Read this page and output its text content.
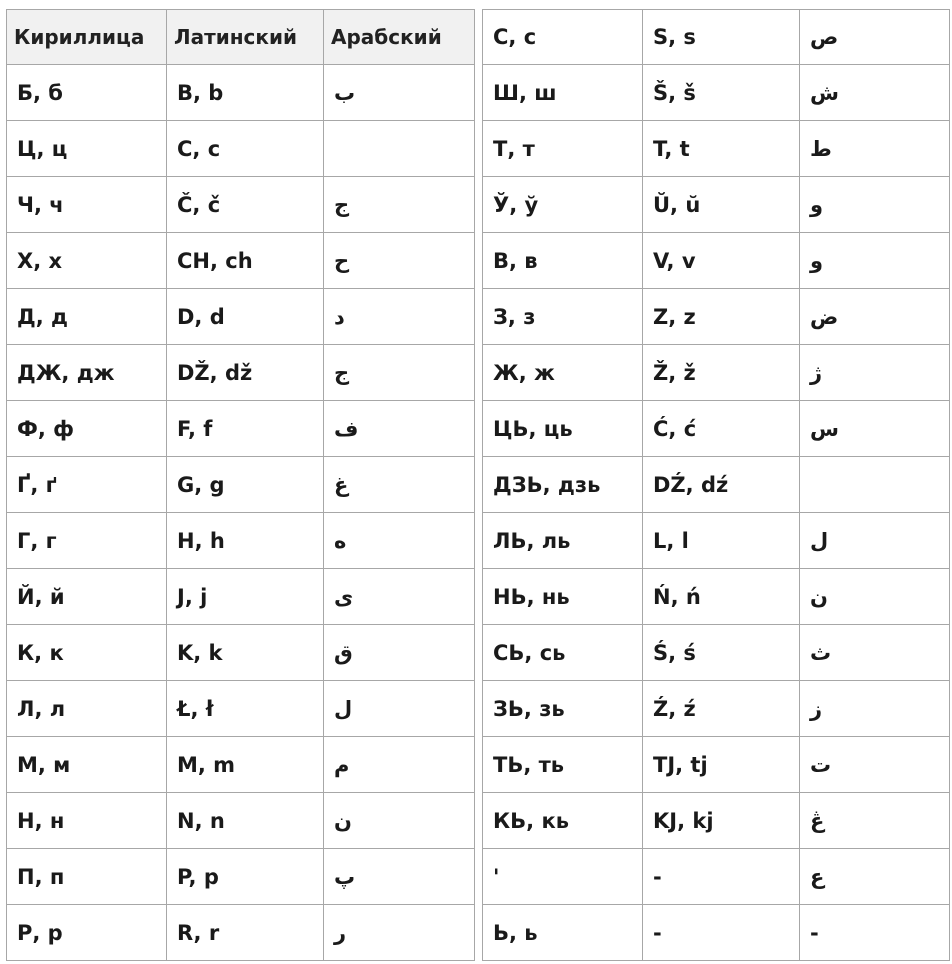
Кириллица	Латинский	Арабский
Б, б	B, b	ب
Ц, ц	C, c	
Ч, ч	Č, č	ج
Х, х	CH, ch	ح
Д, д	D, d	د
ДЖ, дж	DŽ, dž	ج
Ф, ф	F, f	ف
Ґ, ґ	G, g	غ
Г, г	H, h	ه
Й, й	J, j	ى
К, к	K, k	ق
Л, л	Ł, ł	ل
М, м	M, m	م
Н, н	N, n	ن
П, п	P, p	پ
Р, р	R, r	ر
С, с	S, s	ص
Ш, ш	Š, š	ش
Т, т	T, t	ط
Ў, ў	Ŭ, ŭ	و
В, в	V, v	و
З, з	Z, z	ض
Ж, ж	Ž, ž	ژ
ЦЬ, ць	Ć, ć	س
ДЗЬ, дзь	DŹ, dź	
ЛЬ, ль	L, l	ل
НЬ, нь	Ń, ń	ن
СЬ, сь	Ś, ś	ث
ЗЬ, зь	Ź, ź	ز
ТЬ, ть	TJ, tj	ت
КЬ, кь	KJ, kj	ڠ
'	-	ع
Ь, ь	-	-
